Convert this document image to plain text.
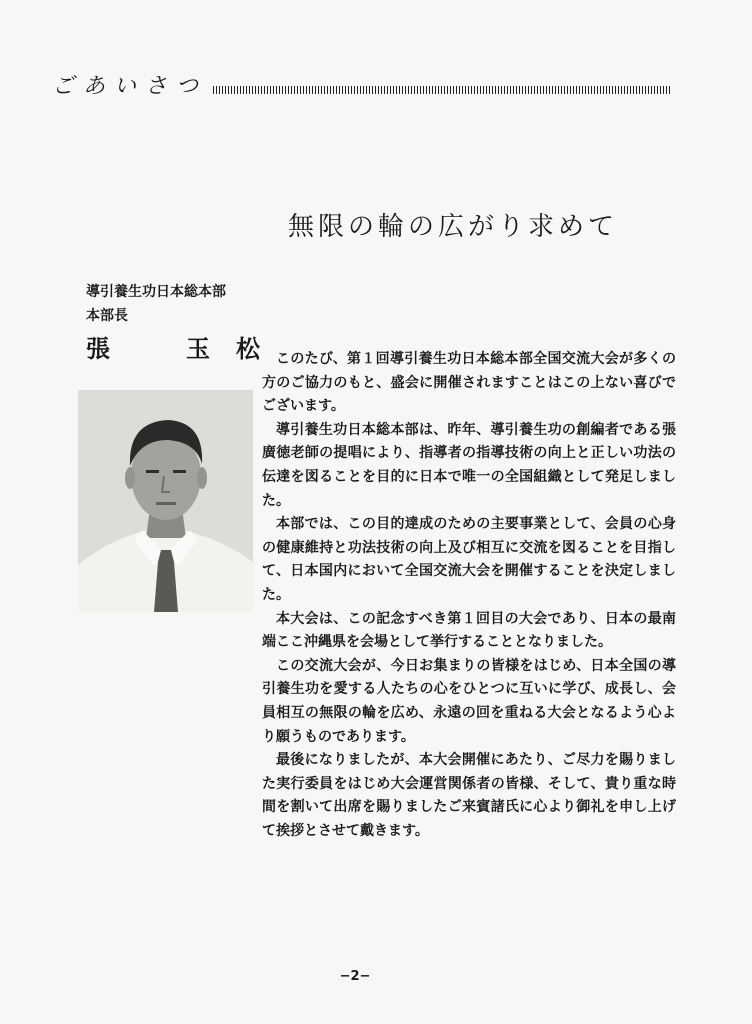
ごあいさつ
無限の輪の広がり求めて
導引養生功日本総本部
本部長
張　玉松

このたび、第１回導引養生功日本総本部全国交流大会が多くの方のご協力のもと、盛会に開催されますことはこの上ない喜びでございます。

導引養生功日本総本部は、昨年、導引養生功の創編者である張廣徳老師の提唱により、指導者の指導技術の向上と正しい功法の伝達を図ることを目的に日本で唯一の全国組織として発足しました。

本部では、この目的達成のための主要事業として、会員の心身の健康維持と功法技術の向上及び相互に交流を図ることを目指して、日本国内において全国交流大会を開催することを決定しました。

本大会は、この記念すべき第１回目の大会であり、日本の最南端ここ沖縄県を会場として挙行することとなりました。

この交流大会が、今日お集まりの皆様をはじめ、日本全国の導引養生功を愛する人たちの心をひとつに互いに学び、成長し、会員相互の無限の輪を広め、永遠の回を重ねる大会となるよう心より願うものであります。

最後になりましたが、本大会開催にあたり、ご尽力を賜りました実行委員をはじめ大会運営関係者の皆様、そして、貴り重な時間を割いて出席を賜りましたご来賓諸氏に心より御礼を申し上げて挨拶とさせて戴きます。

−2−
